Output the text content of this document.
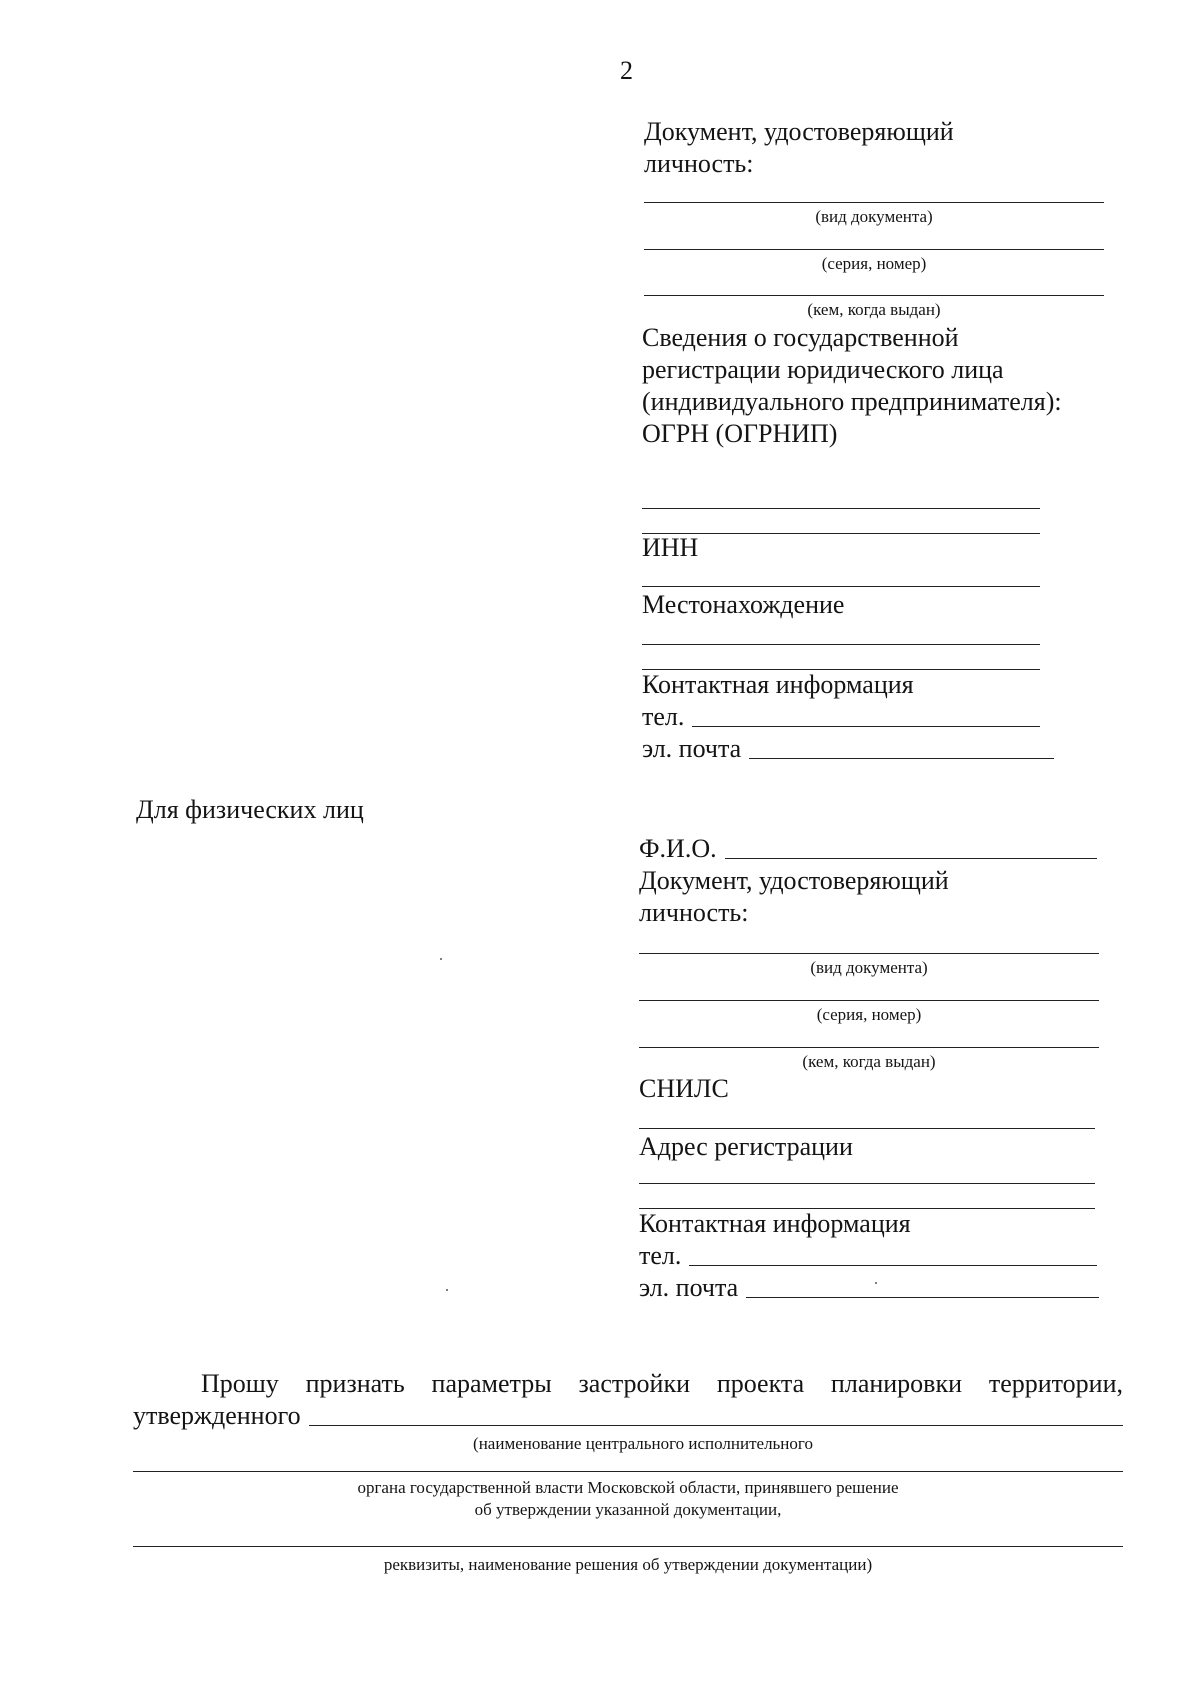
2

Документ, удостоверяющий личность:

(вид документа)
(серия, номер)
(кем, когда выдан)

Сведения о государственной регистрации юридического лица (индивидуального предпринимателя):

ОГРН (ОГРНИП)

ИНН

Местонахождение

Контактная информация

тел.
эл. почта
Для физических лиц
Ф.И.О.

Документ, удостоверяющий личность:

(вид документа)
(серия, номер)
(кем, когда выдан)

СНИЛС

Адрес регистрации

Контактная информация

тел.
эл. почта
Прошу признать параметры застройки проекта планировки территории,
утвержденного
(наименование центрального исполнительного
органа государственной власти Московской области, принявшего решение
об утверждении указанной документации,
реквизиты, наименование решения об утверждении документации)
